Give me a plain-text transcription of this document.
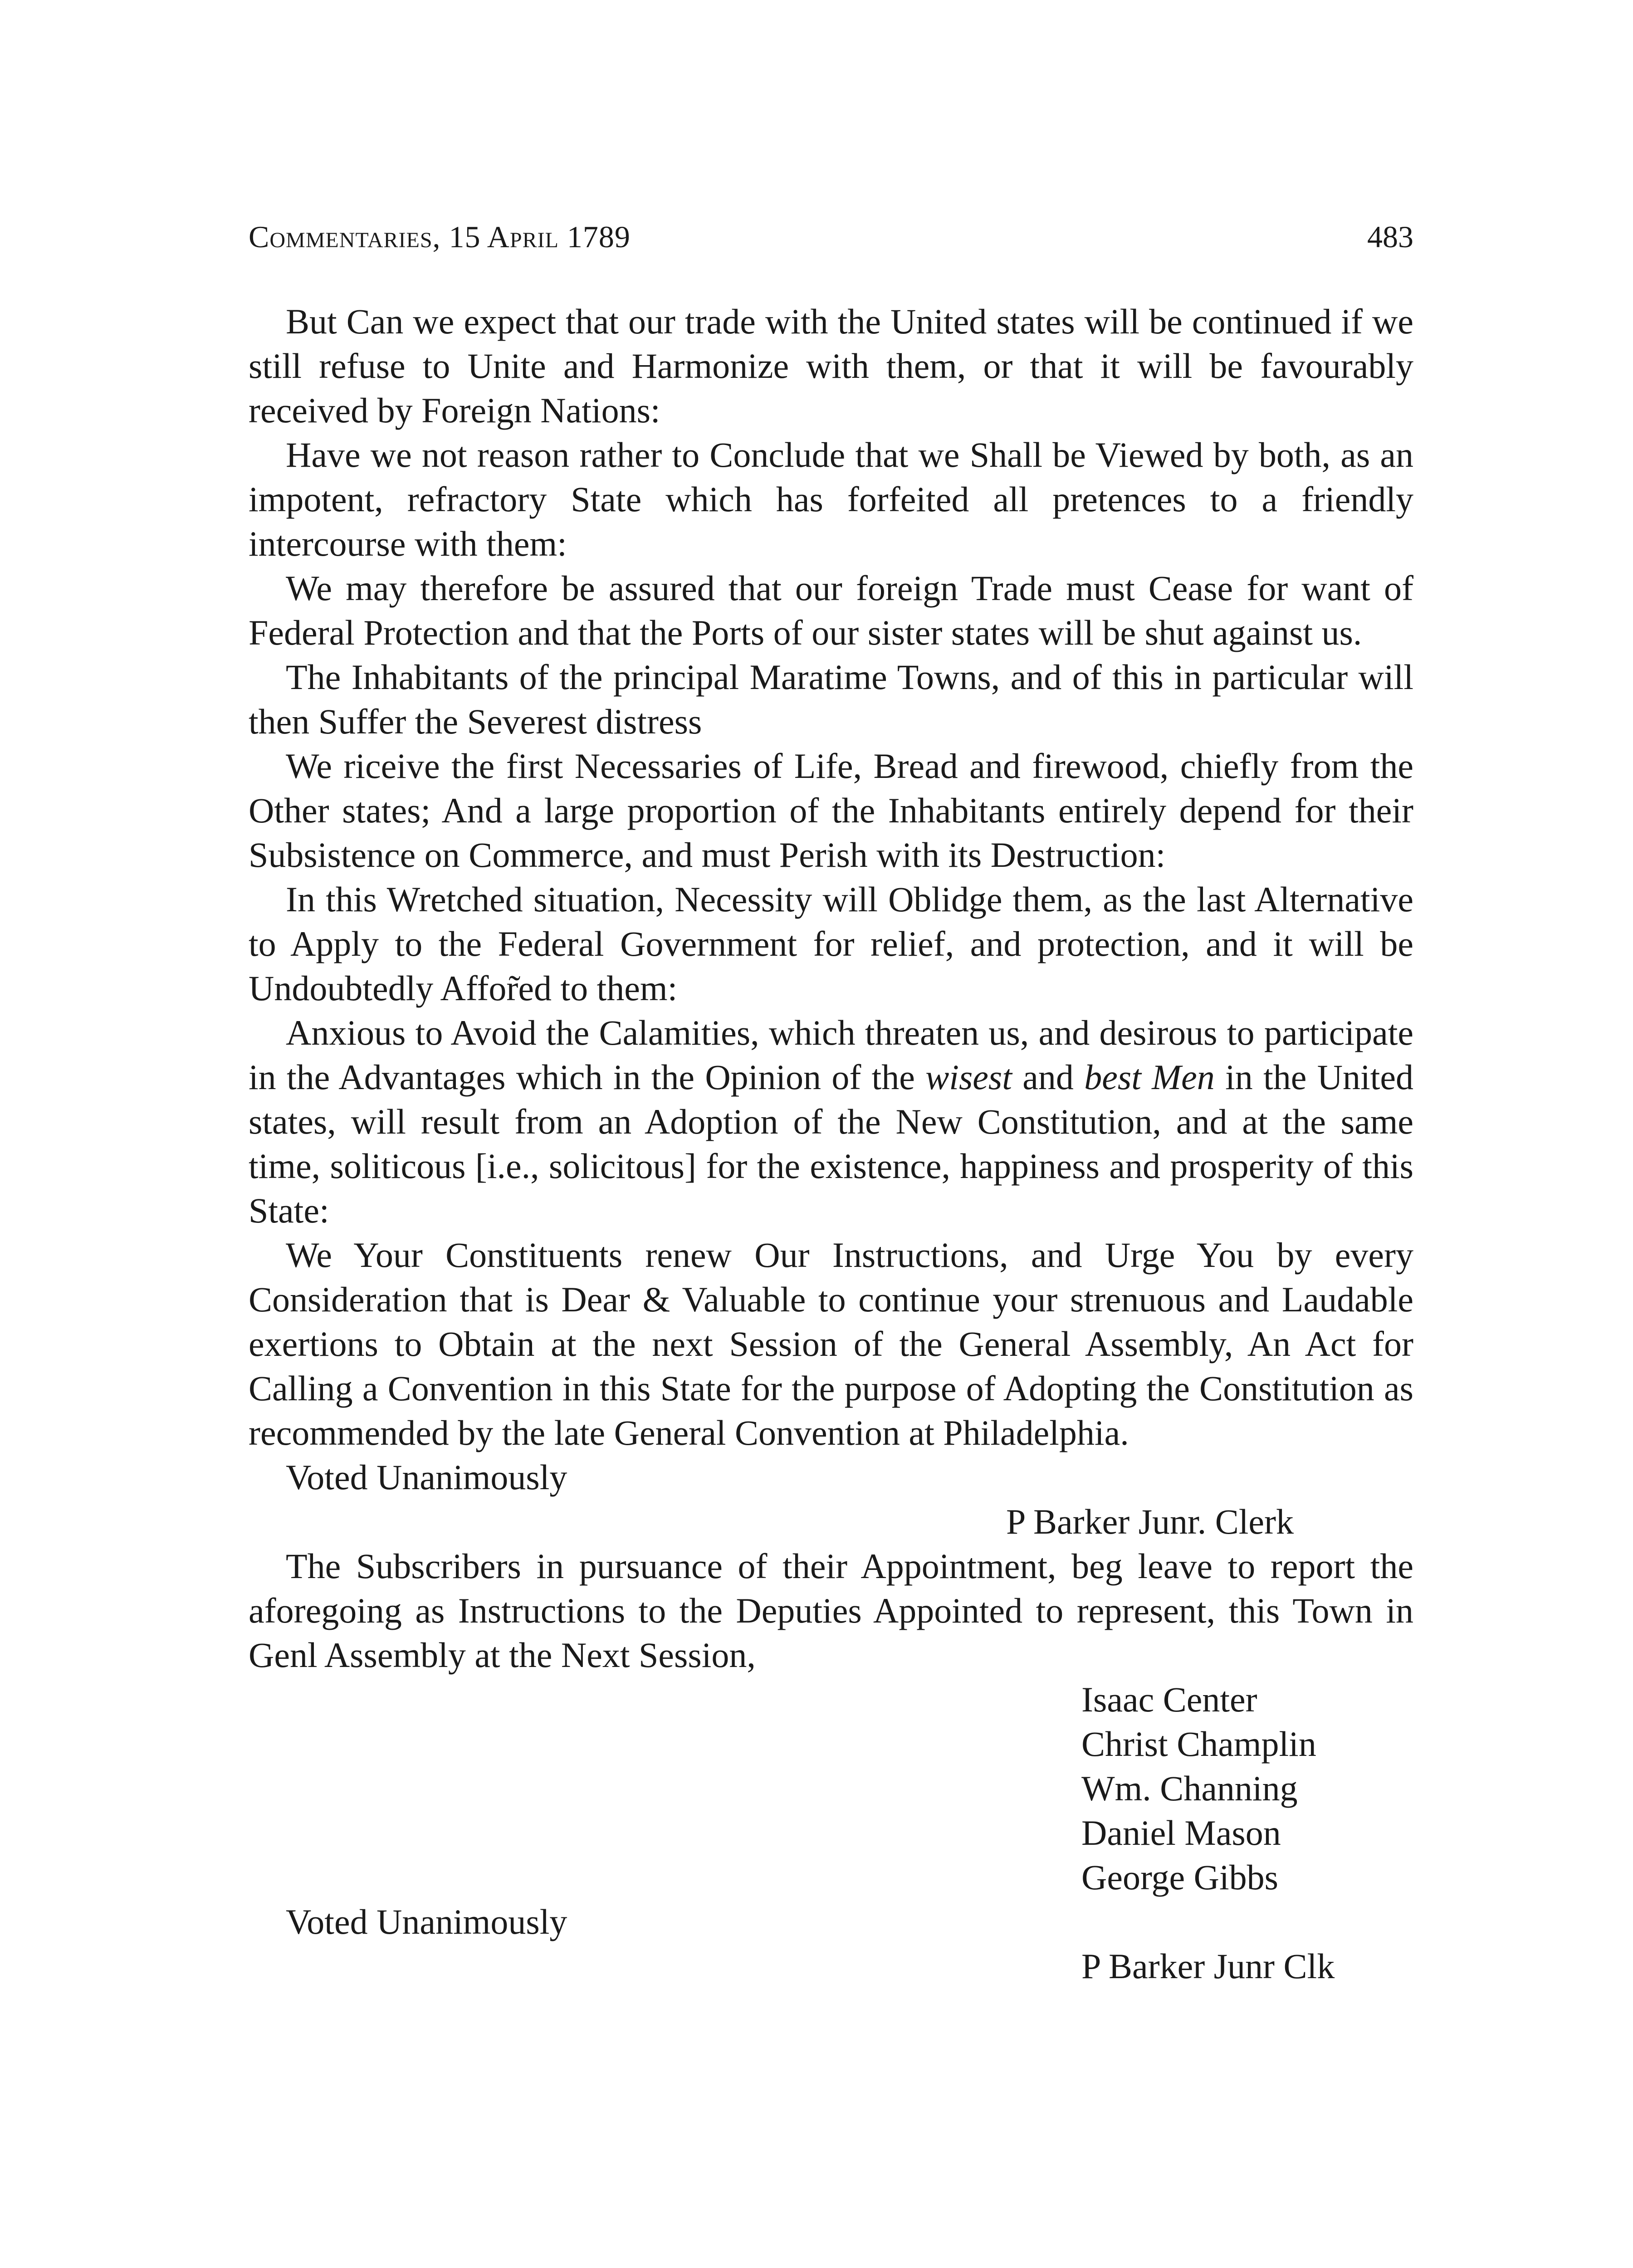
Commentaries, 15 April 1789	483

But Can we expect that our trade with the United states will be continued if we still refuse to Unite and Harmonize with them, or that it will be favourably received by Foreign Nations:

Have we not reason rather to Conclude that we Shall be Viewed by both, as an impotent, refractory State which has forfeited all pretences to a friendly intercourse with them:

We may therefore be assured that our foreign Trade must Cease for want of Federal Protection and that the Ports of our sister states will be shut against us.

The Inhabitants of the principal Maratime Towns, and of this in particular will then Suffer the Severest distress

We riceive the first Necessaries of Life, Bread and firewood, chiefly from the Other states; And a large proportion of the Inhabitants entirely depend for their Subsistence on Commerce, and must Perish with its Destruction:

In this Wretched situation, Necessity will Oblidge them, as the last Alternative to Apply to the Federal Government for relief, and protection, and it will be Undoubtedly Affor̃ed to them:

Anxious to Avoid the Calamities, which threaten us, and desirous to participate in the Advantages which in the Opinion of the wisest and best Men in the United states, will result from an Adoption of the New Constitution, and at the same time, soliticous [i.e., solicitous] for the existence, happiness and prosperity of this State:

We Your Constituents renew Our Instructions, and Urge You by every Consideration that is Dear & Valuable to continue your strenuous and Laudable exertions to Obtain at the next Session of the General Assembly, An Act for Calling a Convention in this State for the purpose of Adopting the Constitution as recommended by the late General Convention at Philadelphia.

Voted Unanimously

P Barker Junr. Clerk

The Subscribers in pursuance of their Appointment, beg leave to report the aforegoing as Instructions to the Deputies Appointed to represent, this Town in Genl Assembly at the Next Session,

Isaac Center

Christ Champlin

Wm. Channing

Daniel Mason

George Gibbs

Voted Unanimously

P Barker Junr Clk
